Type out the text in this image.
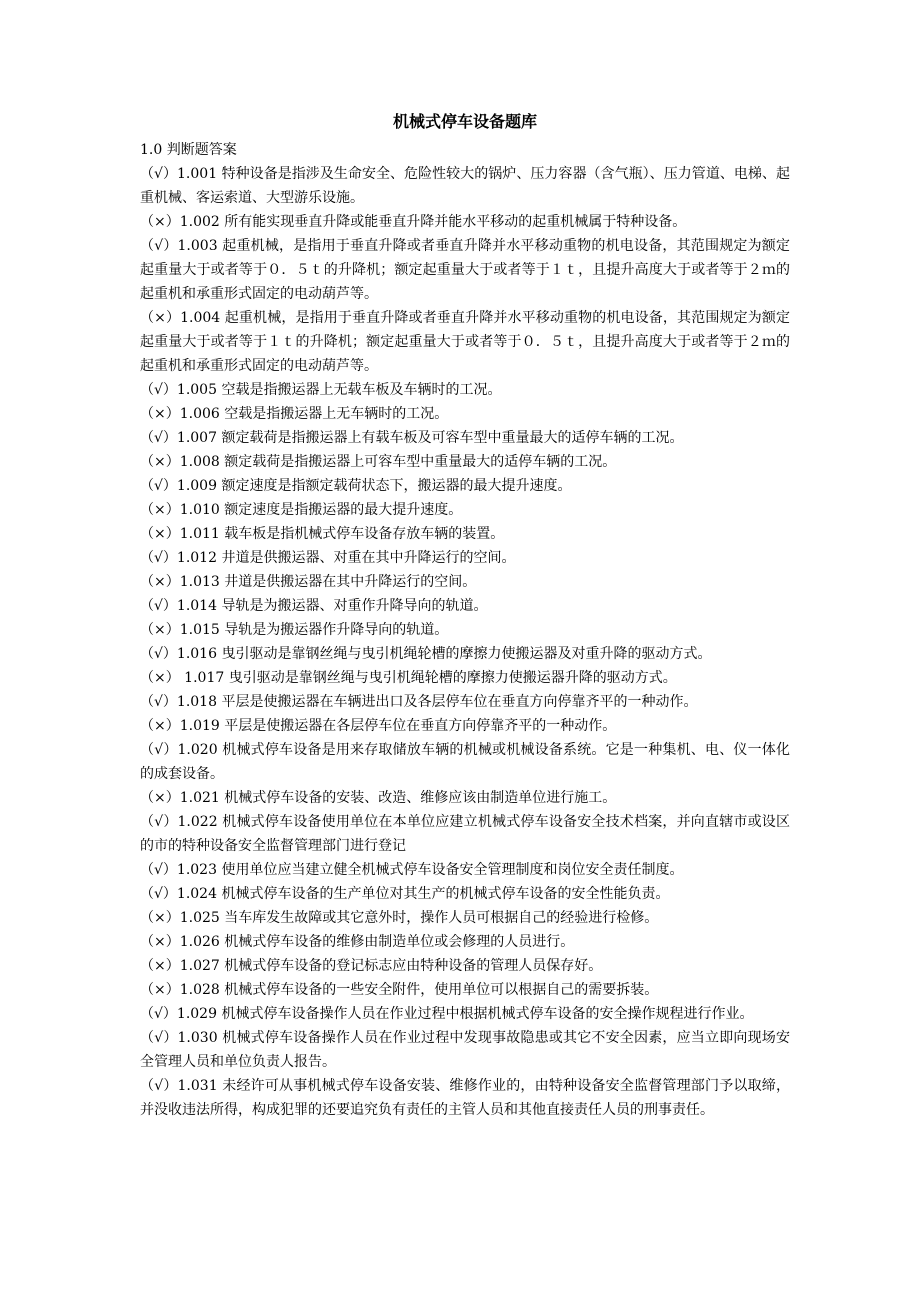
机械式停车设备题库
1.0 判断题答案
（√）1.001 特种设备是指涉及生命安全、危险性较大的锅炉、压力容器（含气瓶）、压力管道、电梯、起重机械、客运索道、大型游乐设施。
（×）1.002 所有能实现垂直升降或能垂直升降并能水平移动的起重机械属于特种设备。
（√）1.003 起重机械，是指用于垂直升降或者垂直升降并水平移动重物的机电设备，其范围规定为额定起重量大于或者等于０．５ｔ的升降机；额定起重量大于或者等于１ｔ，且提升高度大于或者等于２ｍ的起重机和承重形式固定的电动葫芦等。
（×）1.004 起重机械，是指用于垂直升降或者垂直升降并水平移动重物的机电设备，其范围规定为额定起重量大于或者等于１ｔ的升降机；额定起重量大于或者等于０．５ｔ，且提升高度大于或者等于２ｍ的起重机和承重形式固定的电动葫芦等。
（√）1.005 空载是指搬运器上无载车板及车辆时的工况。
（×）1.006 空载是指搬运器上无车辆时的工况。
（√）1.007 额定载荷是指搬运器上有载车板及可容车型中重量最大的适停车辆的工况。
（×）1.008 额定载荷是指搬运器上可容车型中重量最大的适停车辆的工况。
（√）1.009 额定速度是指额定载荷状态下，搬运器的最大提升速度。
（×）1.010 额定速度是指搬运器的最大提升速度。
（×）1.011 载车板是指机械式停车设备存放车辆的装置。
（√）1.012 井道是供搬运器、对重在其中升降运行的空间。
（×）1.013 井道是供搬运器在其中升降运行的空间。
（√）1.014 导轨是为搬运器、对重作升降导向的轨道。
（×）1.015 导轨是为搬运器作升降导向的轨道。
（√）1.016 曳引驱动是靠钢丝绳与曳引机绳轮槽的摩擦力使搬运器及对重升降的驱动方式。
（×） 1.017 曳引驱动是靠钢丝绳与曳引机绳轮槽的摩擦力使搬运器升降的驱动方式。
（√）1.018 平层是使搬运器在车辆进出口及各层停车位在垂直方向停靠齐平的一种动作。
（×）1.019 平层是使搬运器在各层停车位在垂直方向停靠齐平的一种动作。
（√）1.020 机械式停车设备是用来存取储放车辆的机械或机械设备系统。它是一种集机、电、仪一体化的成套设备。
（×）1.021 机械式停车设备的安装、改造、维修应该由制造单位进行施工。
（√）1.022 机械式停车设备使用单位在本单位应建立机械式停车设备安全技术档案，并向直辖市或设区的市的特种设备安全监督管理部门进行登记
（√）1.023 使用单位应当建立健全机械式停车设备安全管理制度和岗位安全责任制度。
（√）1.024 机械式停车设备的生产单位对其生产的机械式停车设备的安全性能负责。
（×）1.025 当车库发生故障或其它意外时，操作人员可根据自己的经验进行检修。
（×）1.026 机械式停车设备的维修由制造单位或会修理的人员进行。
（×）1.027 机械式停车设备的登记标志应由特种设备的管理人员保存好。
（×）1.028 机械式停车设备的一些安全附件，使用单位可以根据自己的需要拆装。
（√）1.029 机械式停车设备操作人员在作业过程中根据机械式停车设备的安全操作规程进行作业。
（√）1.030 机械式停车设备操作人员在作业过程中发现事故隐患或其它不安全因素，应当立即向现场安全管理人员和单位负责人报告。
（√）1.031 未经许可从事机械式停车设备安装、维修作业的，由特种设备安全监督管理部门予以取缔，并没收违法所得，构成犯罪的还要追究负有责任的主管人员和其他直接责任人员的刑事责任。
